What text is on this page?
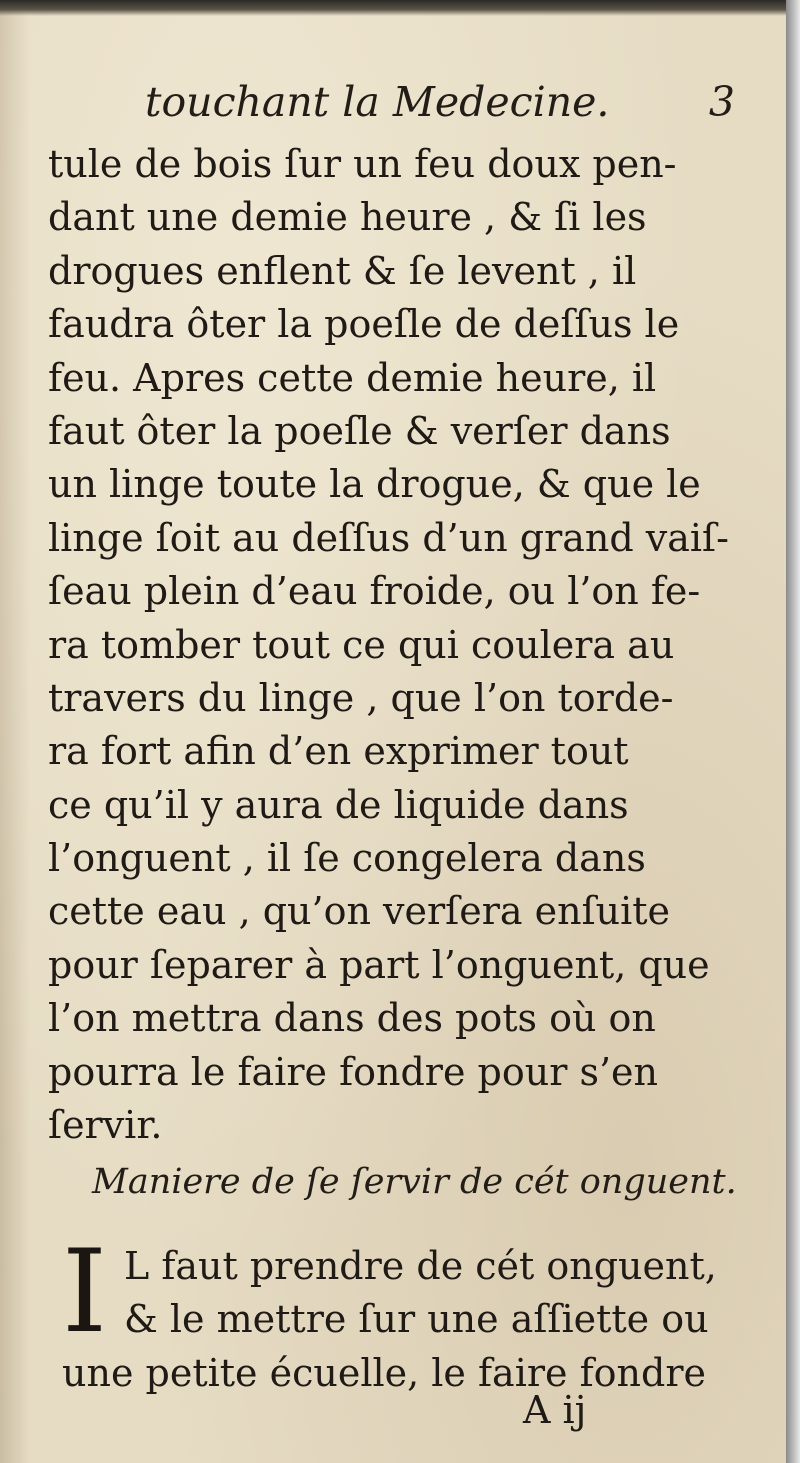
touchant la Medecine. 3
tule de bois ſur un feu doux pen-
dant une demie heure , & ſi les
drogues enflent & ſe levent , il
faudra ôter la poeſle de deſſus le
feu. Apres cette demie heure, il
faut ôter la poeſle & verſer dans
un linge toute la drogue, & que le
linge ſoit au deſſus d’un grand vaiſ-
ſeau plein d’eau froide, ou l’on fe-
ra tomber tout ce qui coulera au
travers du linge , que l’on torde-
ra fort afin d’en exprimer tout
ce qu’il y aura de liquide dans
l’onguent , il ſe congelera dans
cette eau , qu’on verſera enſuite
pour ſeparer à part l’onguent, que
l’on mettra dans des pots où on
pourra le faire fondre pour s’en
ſervir.
Maniere de ſe ſervir de cét onguent.
I L faut prendre de cét onguent,
& le mettre ſur une aſſiette ou
une petite écuelle, le faire fondre
A ij
